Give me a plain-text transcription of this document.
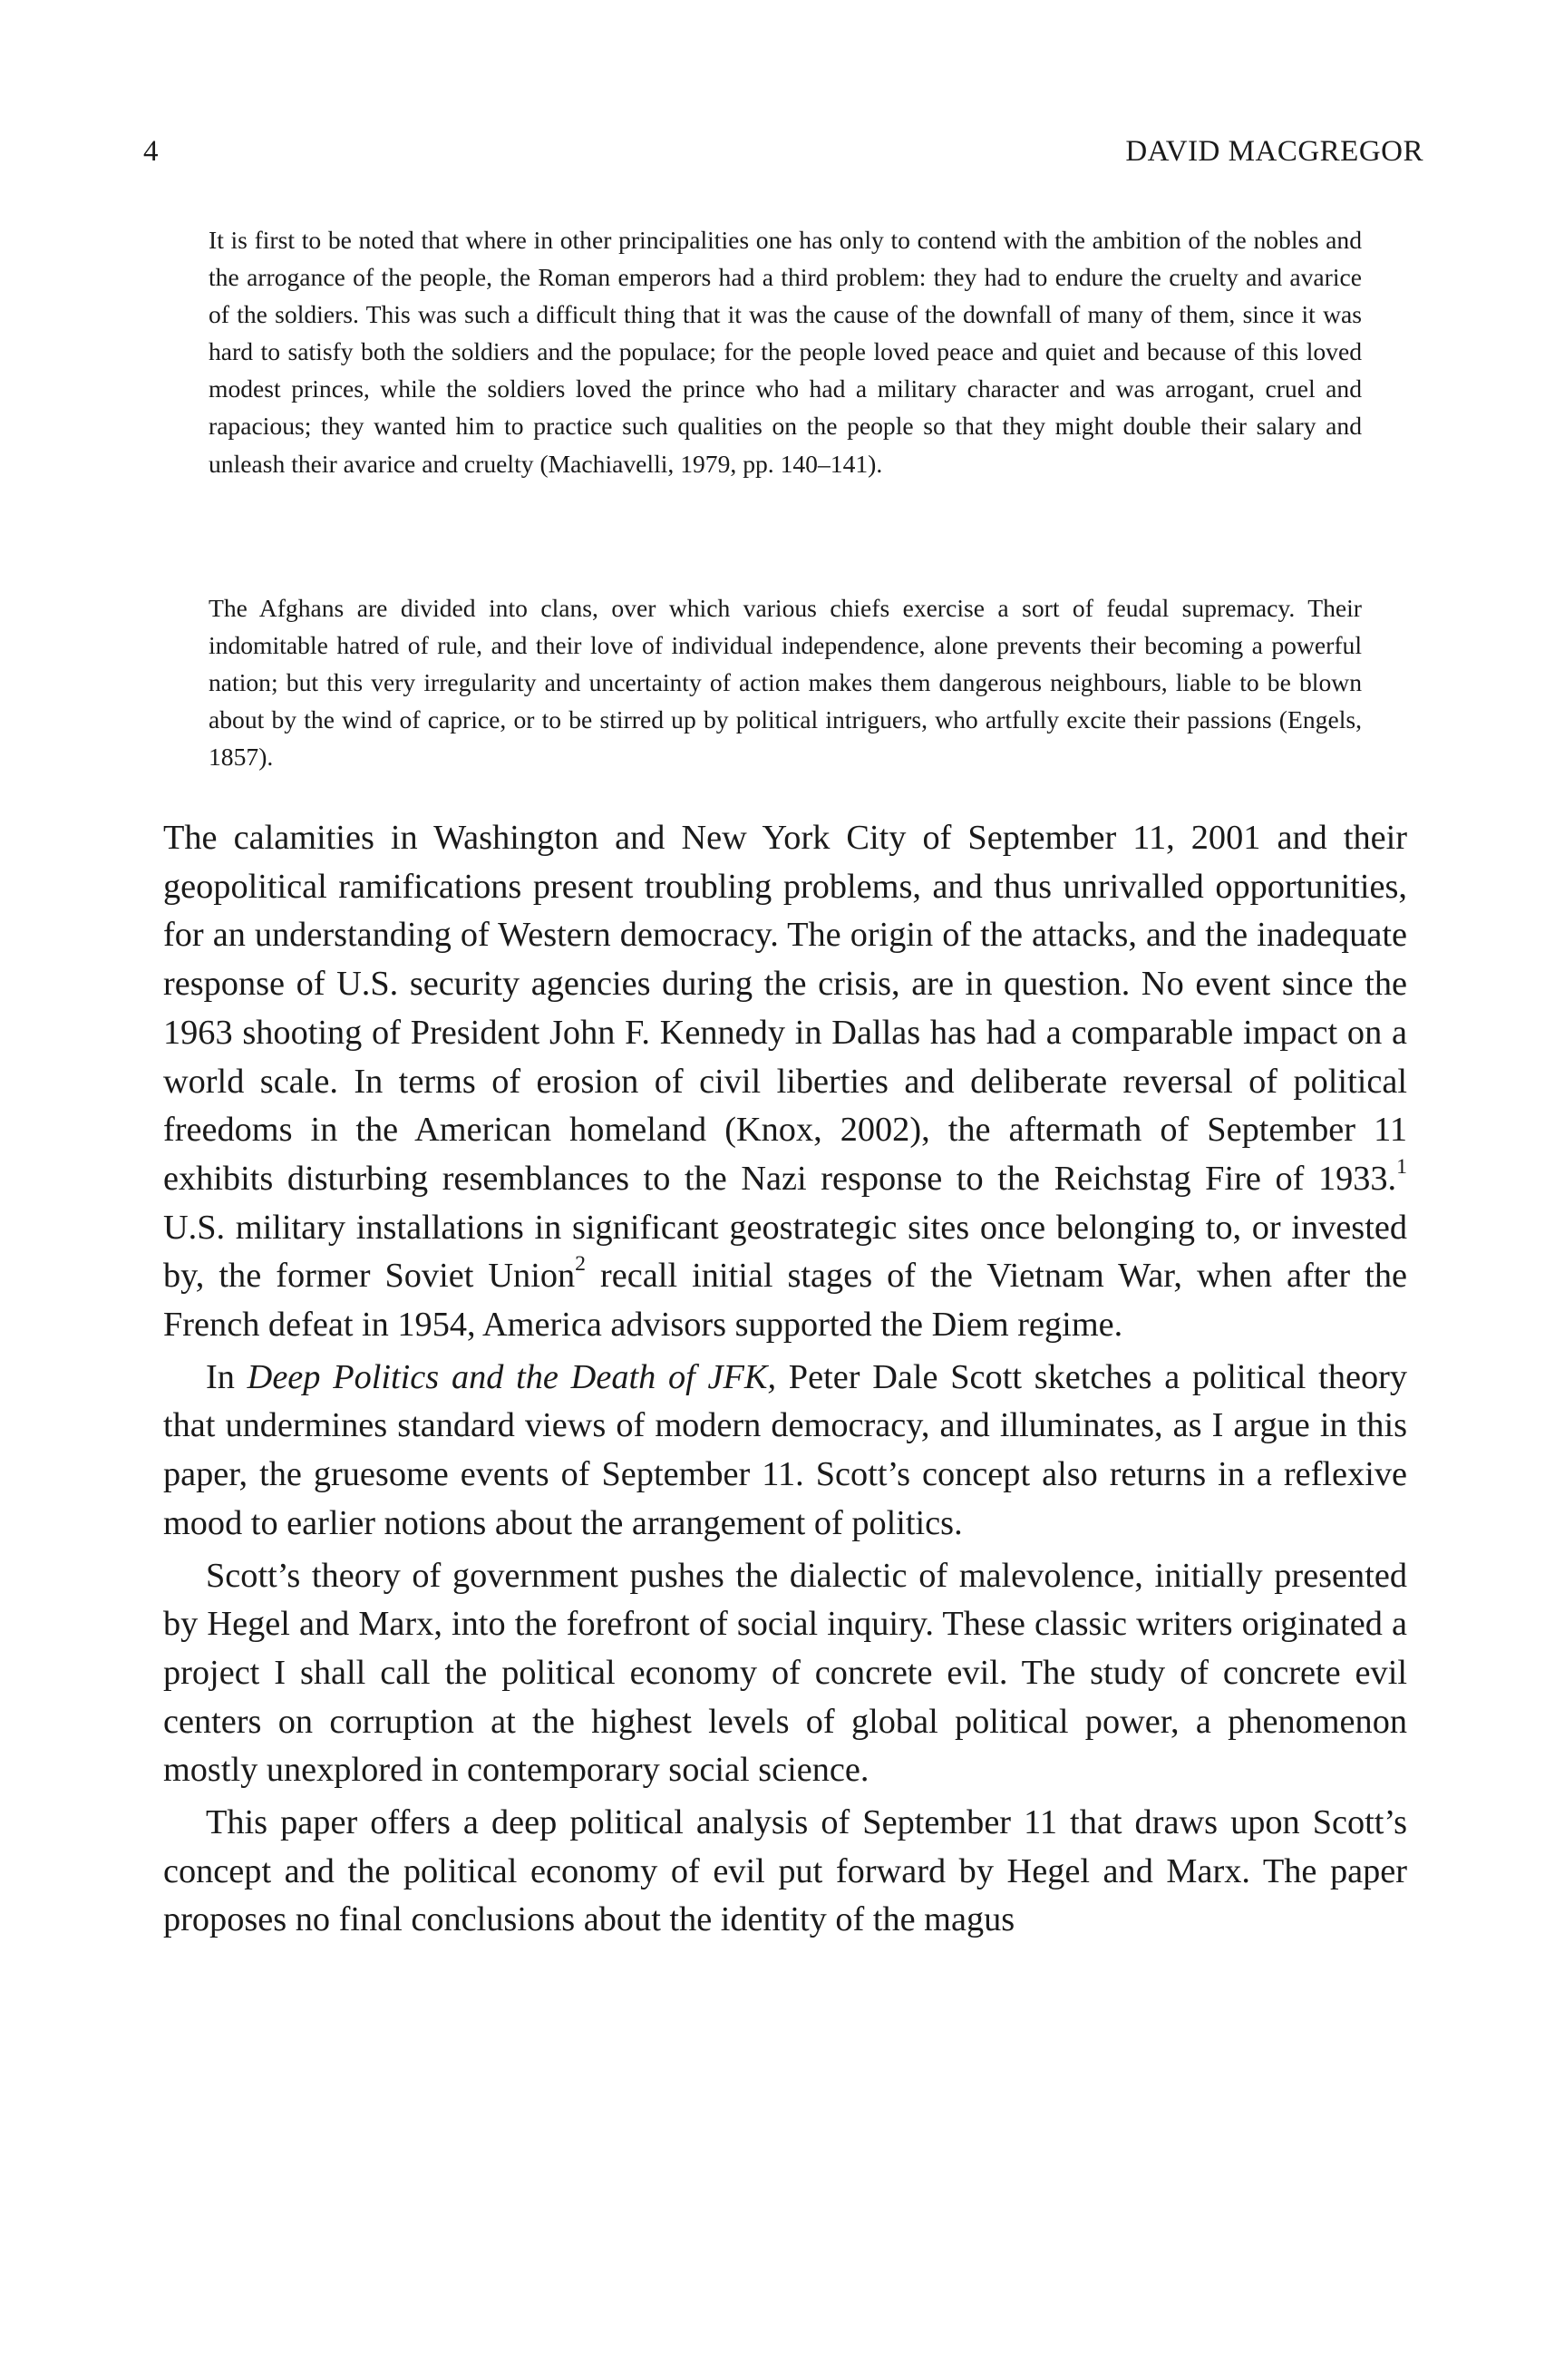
4	DAVID MACGREGOR

It is first to be noted that where in other principalities one has only to contend with the ambition of the nobles and the arrogance of the people, the Roman emperors had a third problem: they had to endure the cruelty and avarice of the soldiers. This was such a difficult thing that it was the cause of the downfall of many of them, since it was hard to satisfy both the soldiers and the populace; for the people loved peace and quiet and because of this loved modest princes, while the soldiers loved the prince who had a military character and was arrogant, cruel and rapacious; they wanted him to practice such qualities on the people so that they might double their salary and unleash their avarice and cruelty (Machiavelli, 1979, pp. 140–141).

The Afghans are divided into clans, over which various chiefs exercise a sort of feudal supremacy. Their indomitable hatred of rule, and their love of individual independence, alone prevents their becoming a powerful nation; but this very irregularity and uncertainty of action makes them dangerous neighbours, liable to be blown about by the wind of caprice, or to be stirred up by political intriguers, who artfully excite their passions (Engels, 1857).

The calamities in Washington and New York City of September 11, 2001 and their geopolitical ramifications present troubling problems, and thus unrivalled opportunities, for an understanding of Western democracy. The origin of the attacks, and the inadequate response of U.S. security agencies during the crisis, are in question. No event since the 1963 shooting of President John F. Kennedy in Dallas has had a comparable impact on a world scale. In terms of erosion of civil liberties and deliberate reversal of political freedoms in the American homeland (Knox, 2002), the aftermath of September 11 exhibits disturbing resemblances to the Nazi response to the Reichstag Fire of 1933.$^1$ U.S. military installations in significant geostrategic sites once belonging to, or invested by, the former Soviet Union$^2$ recall initial stages of the Vietnam War, when after the French defeat in 1954, America advisors supported the Diem regime.

In Deep Politics and the Death of JFK, Peter Dale Scott sketches a political theory that undermines standard views of modern democracy, and illuminates, as I argue in this paper, the gruesome events of September 11. Scott’s concept also returns in a reflexive mood to earlier notions about the arrangement of politics.

Scott’s theory of government pushes the dialectic of malevolence, initially presented by Hegel and Marx, into the forefront of social inquiry. These classic writers originated a project I shall call the political economy of concrete evil. The study of concrete evil centers on corruption at the highest levels of global political power, a phenomenon mostly unexplored in contemporary social science.

This paper offers a deep political analysis of September 11 that draws upon Scott’s concept and the political economy of evil put forward by Hegel and Marx. The paper proposes no final conclusions about the identity of the magus
